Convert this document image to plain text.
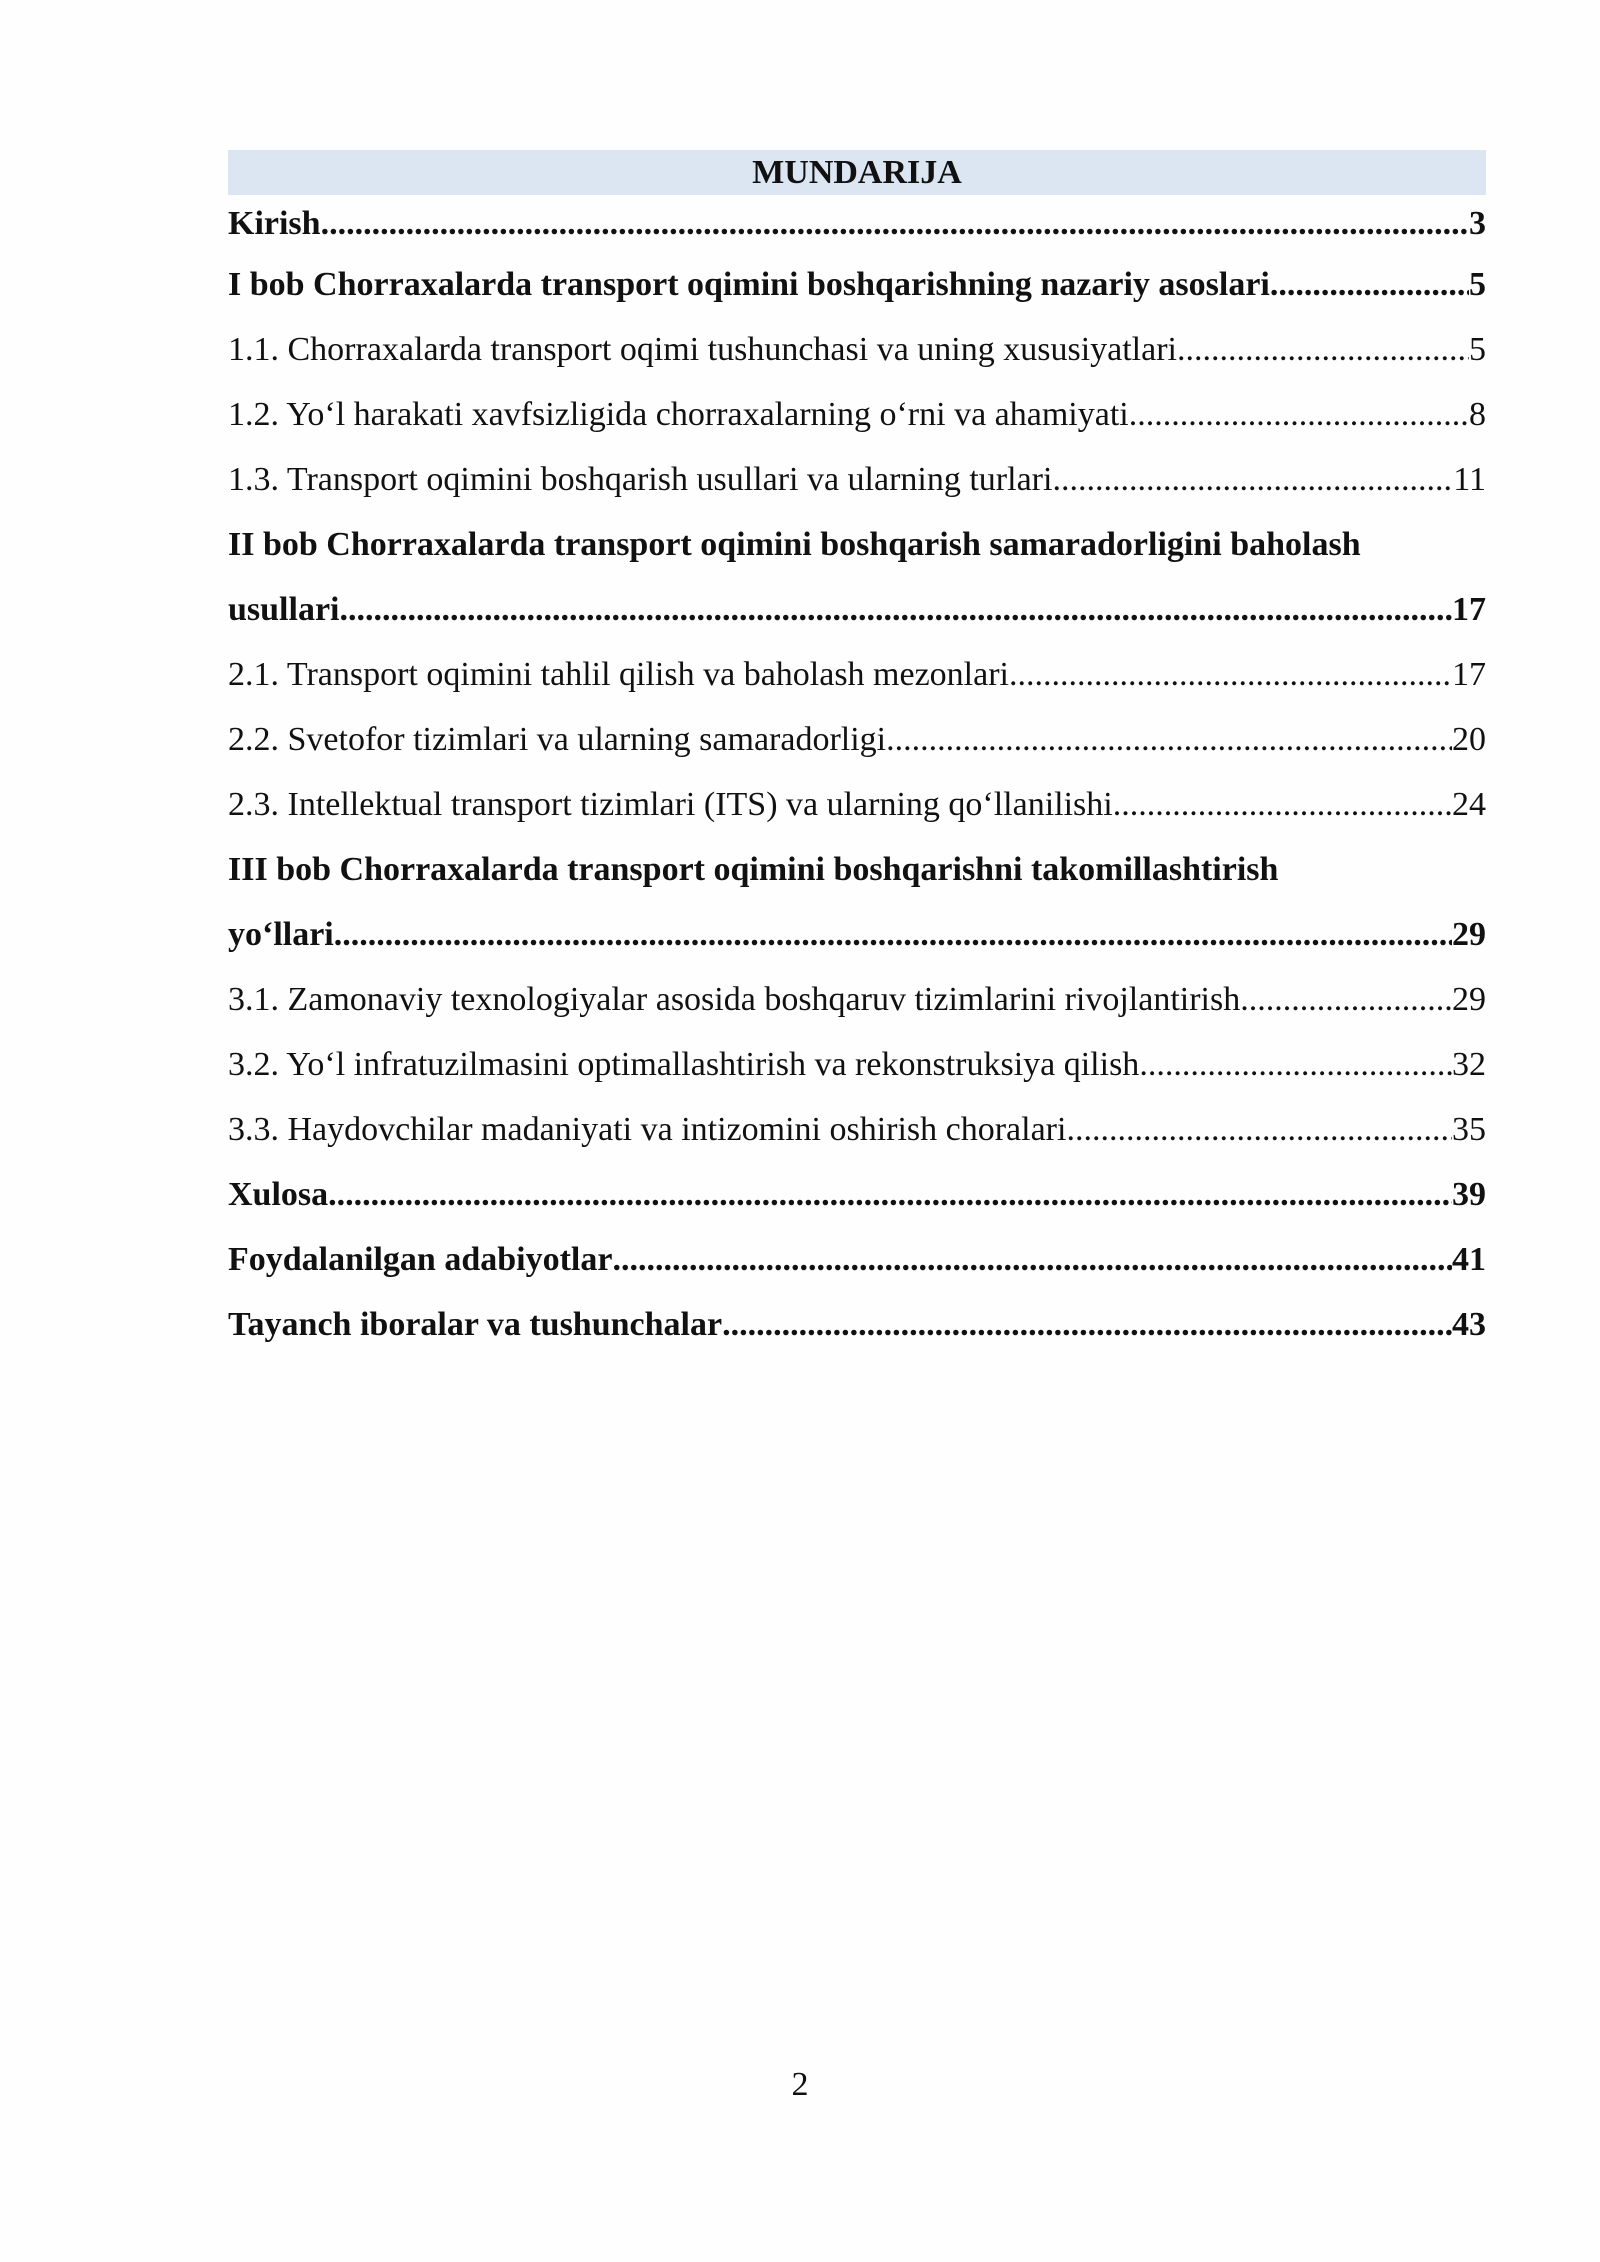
MUNDARIJA
Kirish .....	3
I bob Chorraxalarda transport oqimini boshqarishning nazariy asoslari .....	5
1.1. Chorraxalarda transport oqimi tushunchasi va uning xususiyatlari .....	5
1.2. Yo‘l harakati xavfsizligida chorraxalarning o‘rni va ahamiyati .....	8
1.3. Transport oqimini boshqarish usullari va ularning turlari .....	11
II bob Chorraxalarda transport oqimini boshqarish samaradorligini baholash
usullari .....	17
2.1. Transport oqimini tahlil qilish va baholash mezonlari .....	17
2.2. Svetofor tizimlari va ularning samaradorligi .....	20
2.3. Intellektual transport tizimlari (ITS) va ularning qo‘llanilishi .....	24
III bob Chorraxalarda transport oqimini boshqarishni takomillashtirish
yo‘llari .....	29
3.1. Zamonaviy texnologiyalar asosida boshqaruv tizimlarini rivojlantirish .....	29
3.2. Yo‘l infratuzilmasini optimallashtirish va rekonstruksiya qilish .....	32
3.3. Haydovchilar madaniyati va intizomini oshirish choralari .....	35
Xulosa .....	39
Foydalanilgan adabiyotlar .....	41
Tayanch iboralar va tushunchalar .....	43
2
